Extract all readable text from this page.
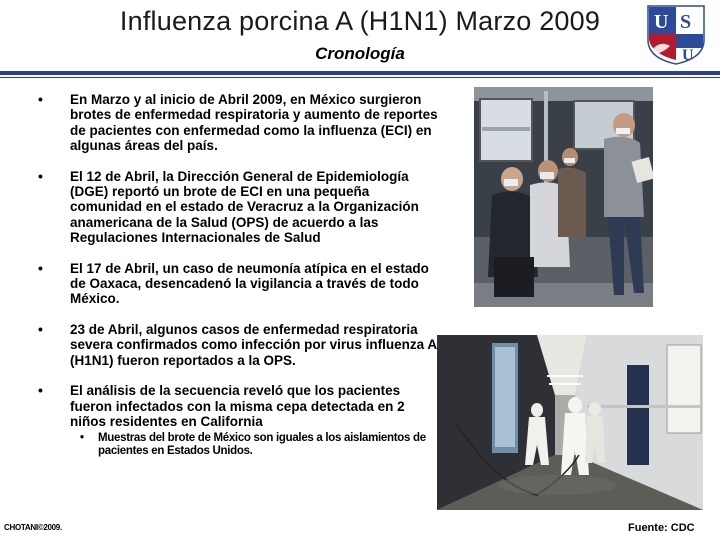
Influenza porcina A (H1N1) Marzo 2009
Cronología
U S
U
• En Marzo y al inicio de Abril 2009, en México surgieron brotes de enfermedad respiratoria y aumento de reportes de pacientes con enfermedad como la influenza (ECI) en algunas áreas del país.
• El 12 de Abril, la Dirección General de Epidemiología (DGE) reportó un brote de ECI en una pequeña comunidad en el estado de Veracruz a la Organización anamericana de la Salud (OPS) de acuerdo a las Regulaciones Internacionales de Salud
• El 17 de Abril, un caso de neumonía atípica en el estado de Oaxaca, desencadenó la vigilancia a través de todo México.
• 23 de Abril, algunos casos de enfermedad respiratoria severa confirmados como infección por virus influenza A (H1N1) fueron reportados a la OPS.
• El análisis de la secuencia reveló que los pacientes fueron infectados con la misma cepa detectada en 2 niños residentes en California
• Muestras del brote de México son iguales a los aislamientos de pacientes en Estados Unidos.
CHOTANI©2009.	Fuente: CDC
